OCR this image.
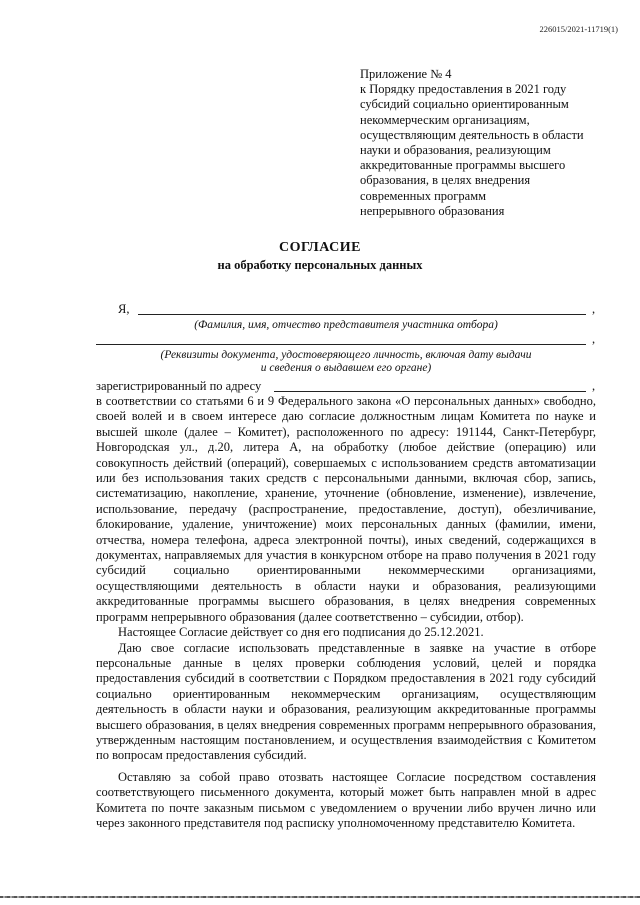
226015/2021-11719(1)
Приложение № 4
к Порядку предоставления в 2021 году
субсидий социально ориентированным
некоммерческим организациям,
осуществляющим деятельность в области
науки и образования, реализующим
аккредитованные программы высшего
образования, в целях внедрения
современных программ
непрерывного образования
СОГЛАСИЕ
на обработку персональных данных
Я,	,
(Фамилия, имя, отчество представителя участника отбора)
,
(Реквизиты документа, удостоверяющего личность, включая дату выдачи
и сведения о выдавшем его органе)
зарегистрированный по адресу	,

в соответствии со статьями 6 и 9 Федерального закона «О персональных данных» свободно, своей волей и в своем интересе даю согласие должностным лицам Комитета по науке и высшей школе (далее – Комитет), расположенного по адресу: 191144, Санкт-Петербург, Новгородская ул., д.20, литера А, на обработку (любое действие (операцию) или совокупность действий (операций), совершаемых с использованием средств автоматизации или без использования таких средств с персональными данными, включая сбор, запись, систематизацию, накопление, хранение, уточнение (обновление, изменение), извлечение, использование, передачу (распространение, предоставление, доступ), обезличивание, блокирование, удаление, уничтожение) моих персональных данных (фамилии, имени, отчества, номера телефона, адреса электронной почты), иных сведений, содержащихся в документах, направляемых для участия в конкурсном отборе на право получения в 2021 году субсидий социально ориентированными некоммерческими организациями, осуществляющими деятельность в области науки и образования, реализующими аккредитованные программы высшего образования, в целях внедрения современных программ непрерывного образования (далее соответственно – субсидии, отбор).

Настоящее Согласие действует со дня его подписания до 25.12.2021.

Даю свое согласие использовать представленные в заявке на участие в отборе персональные данные в целях проверки соблюдения условий, целей и порядка предоставления субсидий в соответствии с Порядком предоставления в 2021 году субсидий социально ориентированным некоммерческим организациям, осуществляющим деятельность в области науки и образования, реализующим аккредитованные программы высшего образования, в целях внедрения современных программ непрерывного образования, утвержденным настоящим постановлением, и осуществления взаимодействия с Комитетом по вопросам предоставления субсидий.

Оставляю за собой право отозвать настоящее Согласие посредством составления соответствующего письменного документа, который может быть направлен мной в адрес Комитета по почте заказным письмом с уведомлением о вручении либо вручен лично или через законного представителя под расписку уполномоченному представителю Комитета.
